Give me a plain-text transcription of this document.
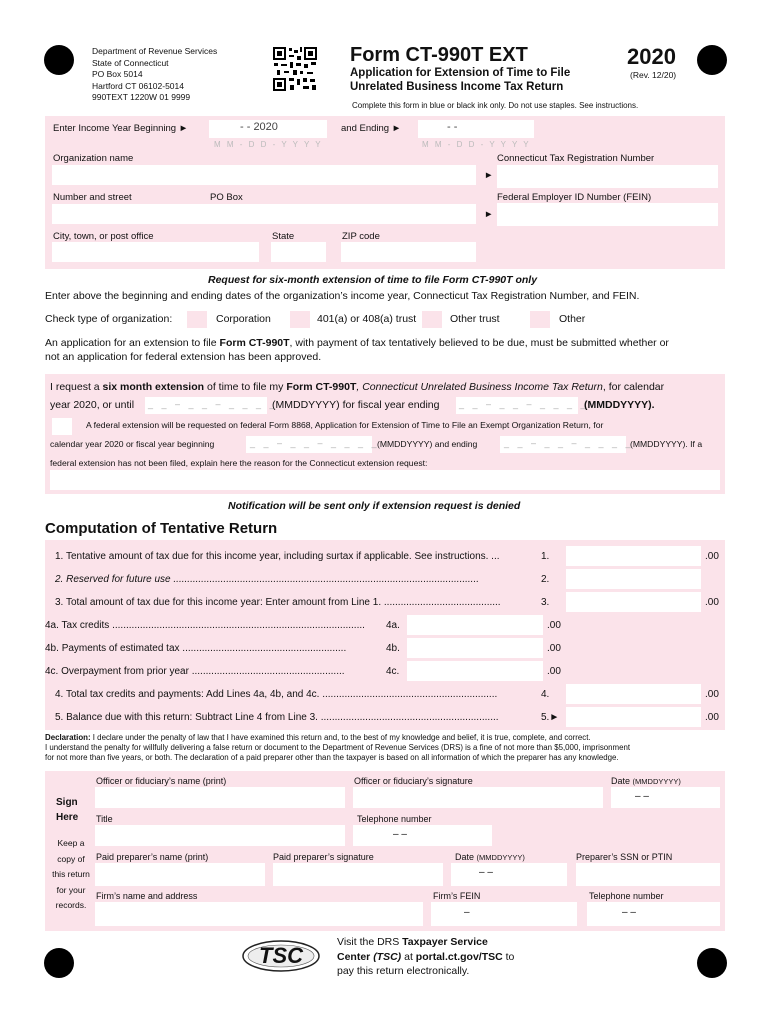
Department of Revenue Services
State of Connecticut
PO Box 5014
Hartford CT 06102-5014
990TEXT 1220W 01 9999
Form CT-990T EXT	2020
Application for Extension of Time to File	(Rev. 12/20)
Unrelated Business Income Tax Return
Complete this form in blue or black ink only. Do not use staples. See instructions.
Enter Income Year Beginning ►	- - 2020
M M - D D - Y Y Y Y
and Ending ►	- -
M M - D D - Y Y Y Y
Organization name	Connecticut Tax Registration Number
►
Number and street	PO Box	Federal Employer ID Number (FEIN)
►
City, town, or post office	State	ZIP code
Request for six-month extension of time to file Form CT-990T only
Enter above the beginning and ending dates of the organization’s income year, Connecticut Tax Registration Number, and FEIN.
Check type of organization:	Corporation	401(a) or 408(a) trust	Other trust	Other
An application for an extension to file Form CT-990T, with payment of tax tentatively believed to be due, must be submitted whether or
not an application for federal extension has been approved.
I request a six month extension of time to file my Form CT-990T, Connecticut Unrelated Business Income Tax Return, for calendar
year 2020, or until _ _ – _ _ – _ _ _ _
(MMDDYYYY) for fiscal year ending _ _ – _ _ – _ _ _ _
(MMDDYYYY).
A federal extension will be requested on federal Form 8868, Application for Extension of Time to File an Exempt Organization Return, for
calendar year 2020 or fiscal year beginning	_ _ – _ _ – _ _ _ _
(MMDDYYYY) and ending	_ _ – _ _ – _ _ _ _
(MMDDYYYY). If a
federal extension has not been filed, explain here the reason for the Connecticut extension request:
Notification will be sent only if extension request is denied
Computation of Tentative Return
1. Tentative amount of tax due for this income year, including surtax if applicable. See instructions. ...	1.	.00
2. Reserved for future use ..............................................................................................................	2.
3. Total amount of tax due for this income year: Enter amount from Line 1. ..........................................	3.	.00
4a. Tax credits ........................................................................................... 4a.	.00
4b. Payments of estimated tax ...........................................................	4b.	.00
4c. Overpayment from prior year .......................................................	4c.	.00
4. Total tax credits and payments: Add Lines 4a, 4b, and 4c. ...............................................................	4.	.00
5. Balance due with this return: Subtract Line 4 from Line 3. ................................................................	5.►	.00
Declaration: I declare under the penalty of law that I have examined this return and, to the best of my knowledge and belief, it is true, complete, and correct.
I understand the penalty for willfully delivering a false return or document to the Department of Revenue Services (DRS) is a fine of not more than $5,000, imprisonment
for not more than five years, or both. The declaration of a paid preparer other than the taxpayer is based on all information of which the preparer has any knowledge.
Officer or fiduciary’s name (print)	Officer or fiduciary’s signature	Date (MMDDYYYY)
– –
Sign
Here Title	Telephone number
– –
Keep a
copy of
this return
for your
records.
Paid preparer’s name (print)	Paid preparer’s signature	Date (MMDDYYYY)
– –
Preparer’s SSN or PTIN
Firm’s name and address	Firm’s FEIN
–
Telephone number
– –
TSC
Visit the DRS Taxpayer Service
Center (TSC) at portal.ct.gov/TSC to
pay this return electronically.
